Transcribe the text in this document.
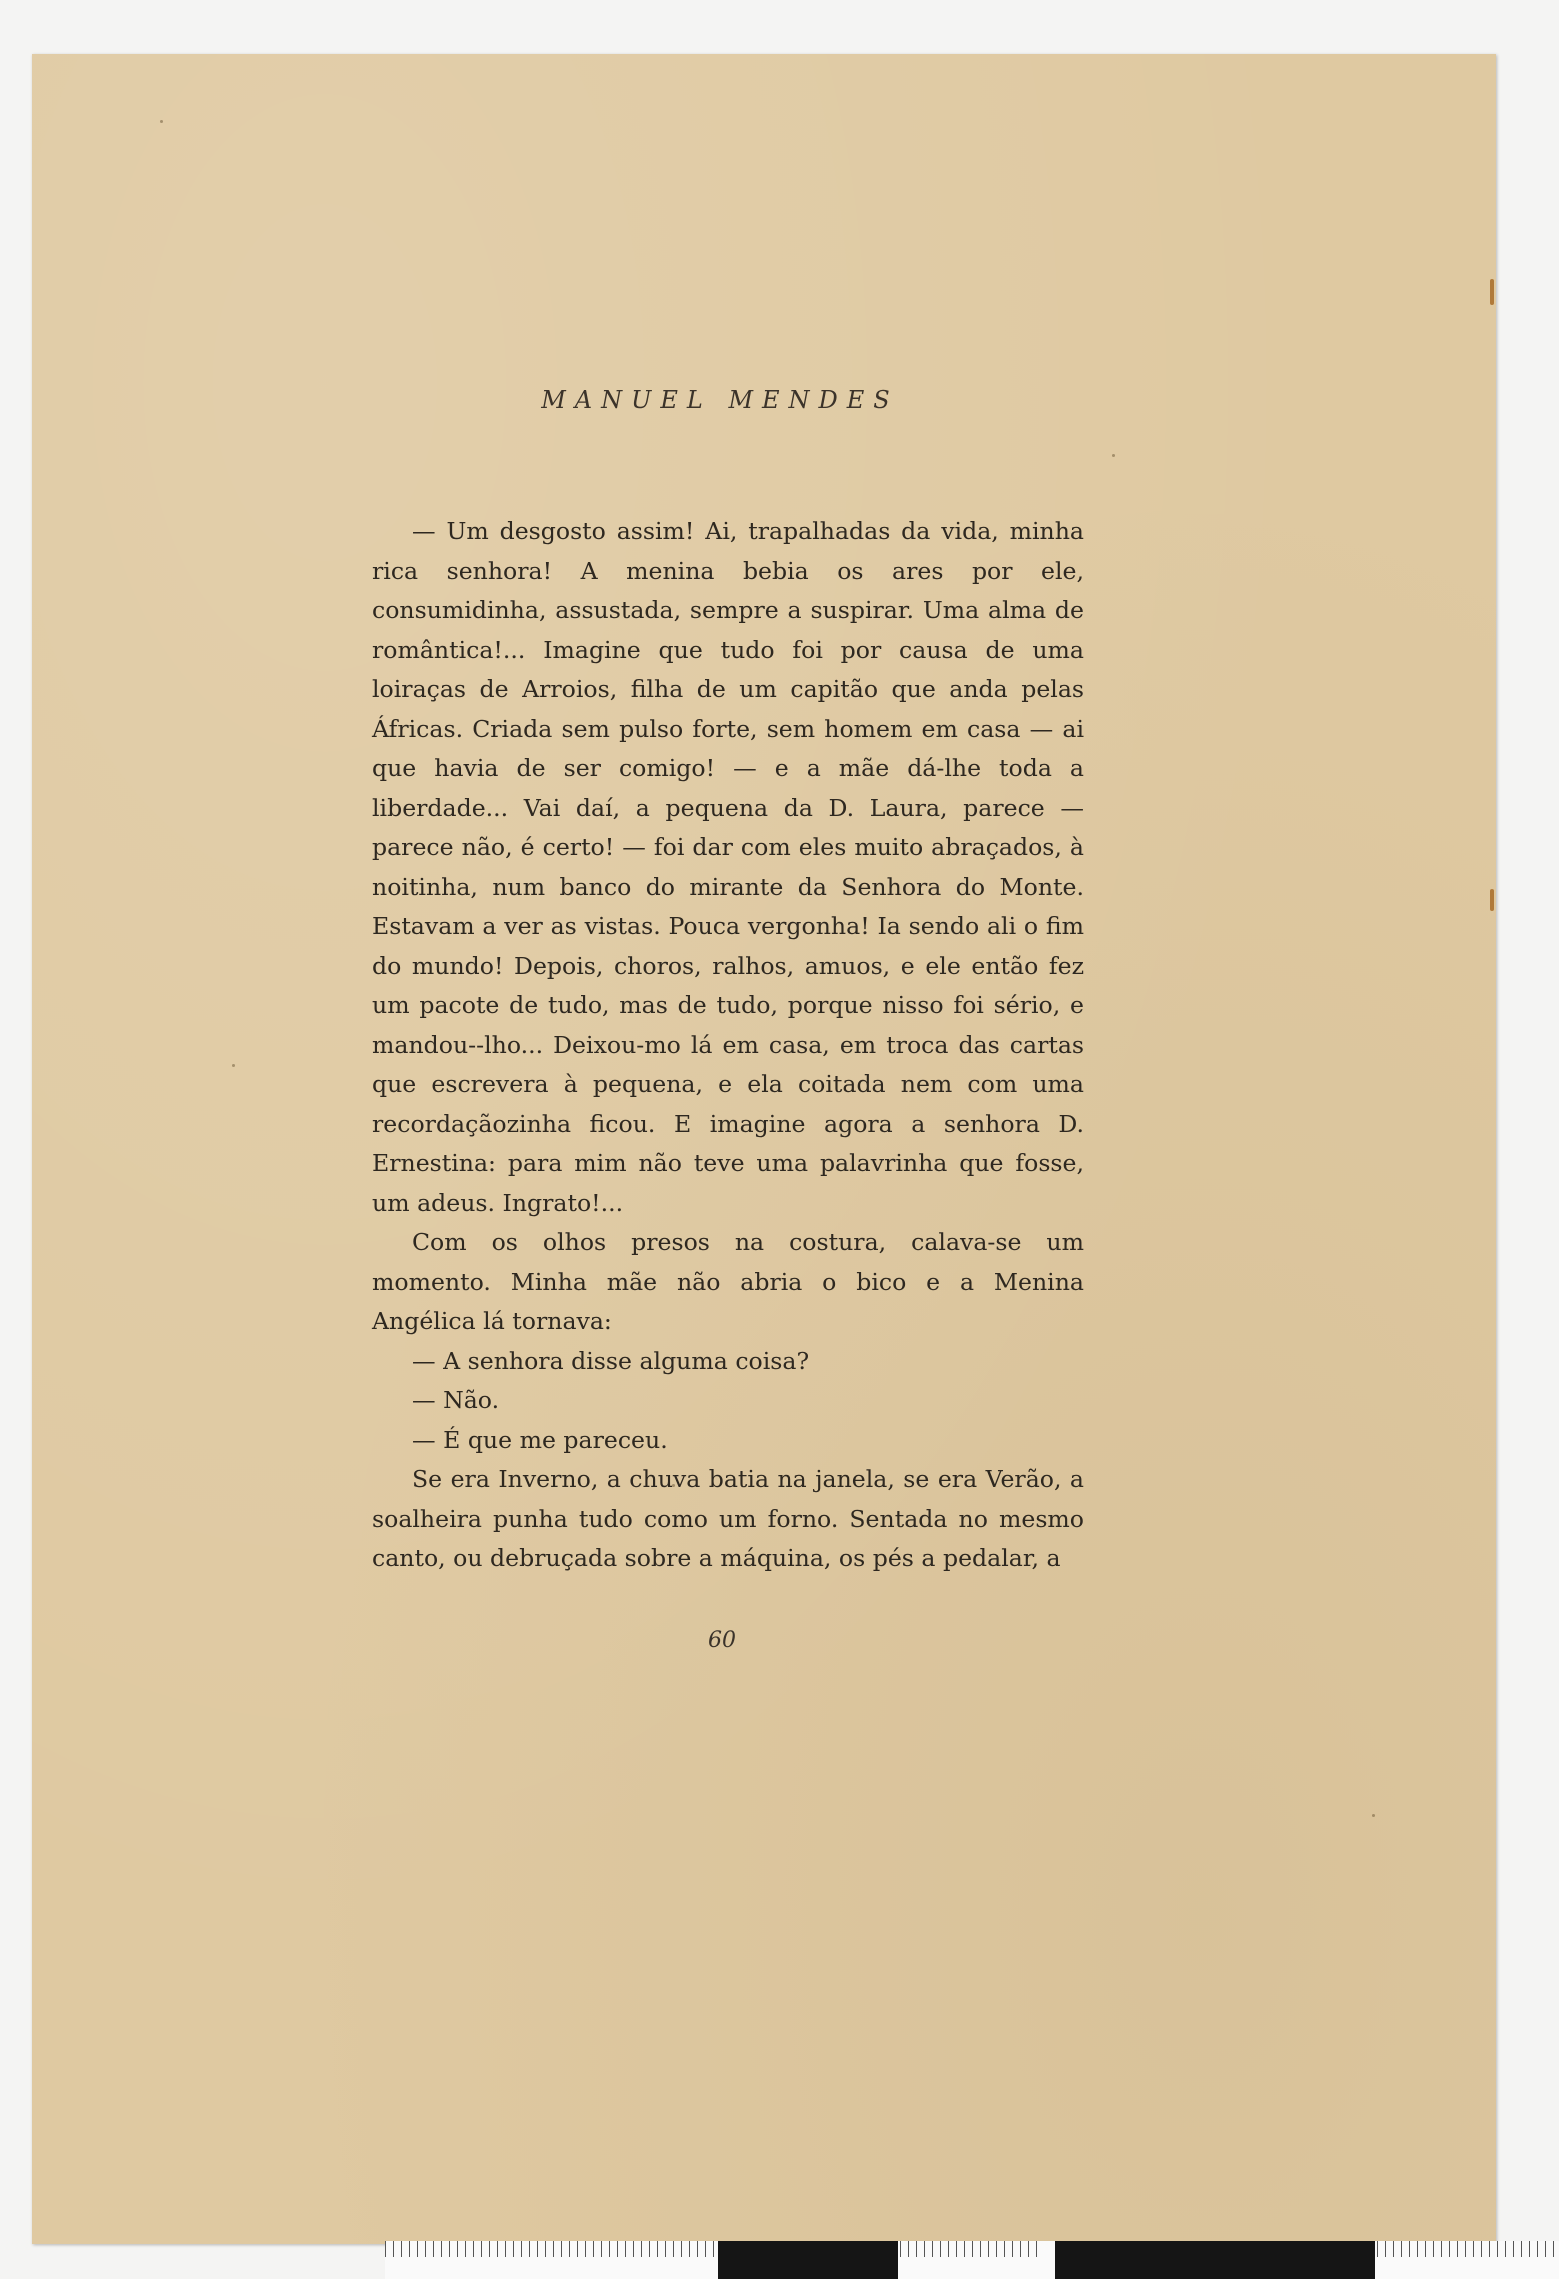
MANUEL MENDES

— Um desgosto assim! Ai, trapalhadas da vida, minha rica senhora! A menina bebia os ares por ele, consumidinha, assustada, sempre a suspirar. Uma alma de romântica!... Imagine que tudo foi por causa de uma loiraças de Arroios, filha de um capitão que anda pelas Áfricas. Criada sem pulso forte, sem homem em casa — ai que havia de ser comigo! — e a mãe dá-lhe toda a liberdade... Vai daí, a pequena da D. Laura, parece — parece não, é certo! — foi dar com eles muito abraçados, à noitinha, num banco do mirante da Senhora do Monte. Estavam a ver as vistas. Pouca vergonha! Ia sendo ali o fim do mundo! Depois, choros, ralhos, amuos, e ele então fez um pacote de tudo, mas de tudo, porque nisso foi sério, e mandou--lho... Deixou-mo lá em casa, em troca das cartas que escrevera à pequena, e ela coitada nem com uma recordaçãozinha ficou. E imagine agora a senhora D. Ernestina: para mim não teve uma palavrinha que fosse, um adeus. Ingrato!...

Com os olhos presos na costura, calava-se um momento. Minha mãe não abria o bico e a Menina Angélica lá tornava:

— A senhora disse alguma coisa?

— Não.

— É que me pareceu.

Se era Inverno, a chuva batia na janela, se era Verão, a soalheira punha tudo como um forno. Sentada no mesmo canto, ou debruçada sobre a máquina, os pés a pedalar, a

60
